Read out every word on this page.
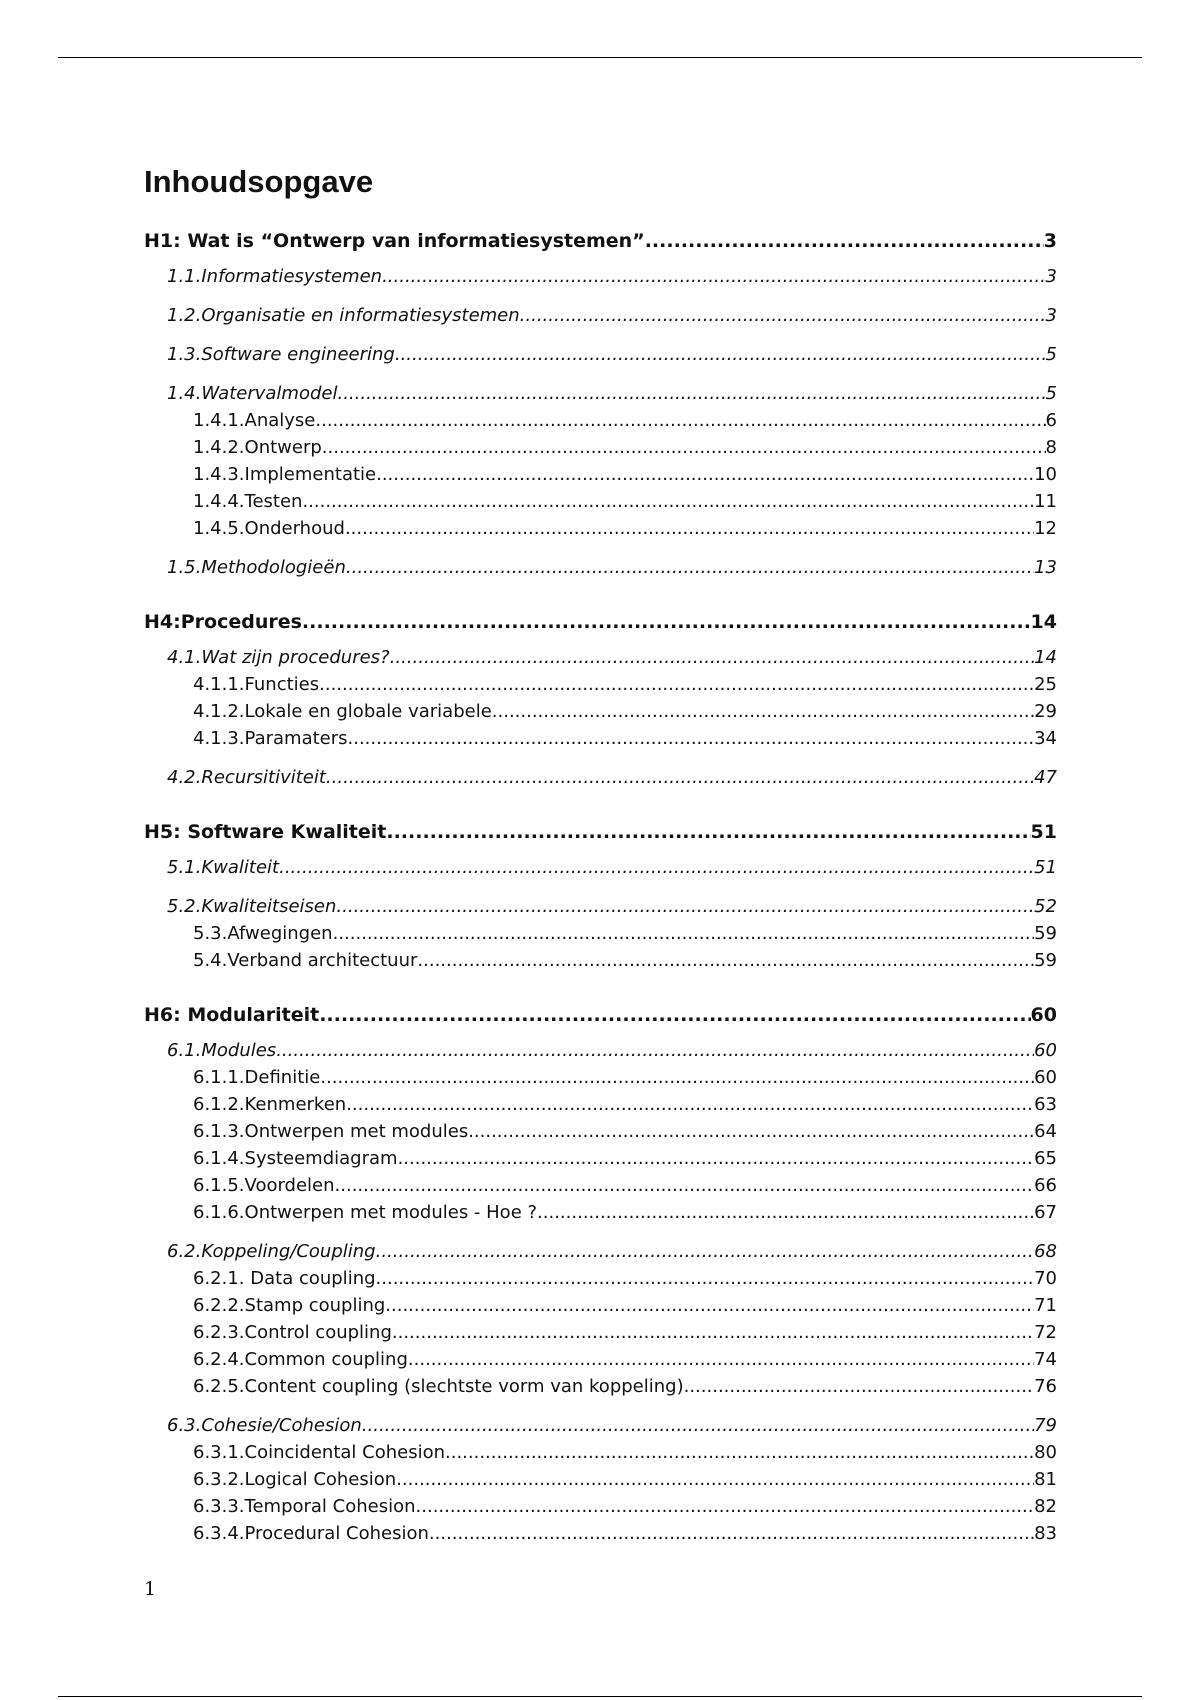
Inhoudsopgave
H1: Wat is “Ontwerp van informatiesystemen” .....	3
1.1.Informatiesystemen .....	3
1.2.Organisatie en informatiesystemen .....	3
1.3.Software engineering .....	5
1.4.Watervalmodel .....	5
1.4.1.Analyse .....	6
1.4.2.Ontwerp .....	8
1.4.3.Implementatie .....	10
1.4.4.Testen .....	11
1.4.5.Onderhoud .....	12
1.5.Methodologieën .....	13
H4:Procedures .....	14
4.1.Wat zijn procedures? .....	14
4.1.1.Functies .....	25
4.1.2.Lokale en globale variabele .....	29
4.1.3.Paramaters .....	34
4.2.Recursitiviteit .....	47
H5: Software Kwaliteit .....	51
5.1.Kwaliteit .....	51
5.2.Kwaliteitseisen .....	52
5.3.Afwegingen .....	59
5.4.Verband architectuur .....	59
H6: Modulariteit .....	60
6.1.Modules .....	60
6.1.1.Definitie .....	60
6.1.2.Kenmerken .....	63
6.1.3.Ontwerpen met modules .....	64
6.1.4.Systeemdiagram .....	65
6.1.5.Voordelen .....	66
6.1.6.Ontwerpen met modules - Hoe ? .....	67
6.2.Koppeling/Coupling .....	68
6.2.1. Data coupling .....	70
6.2.2.Stamp coupling .....	71
6.2.3.Control coupling .....	72
6.2.4.Common coupling .....	74
6.2.5.Content coupling (slechtste vorm van koppeling) .....	76
6.3.Cohesie/Cohesion .....	79
6.3.1.Coincidental Cohesion .....	80
6.3.2.Logical Cohesion .....	81
6.3.3.Temporal Cohesion .....	82
6.3.4.Procedural Cohesion .....	83

1
